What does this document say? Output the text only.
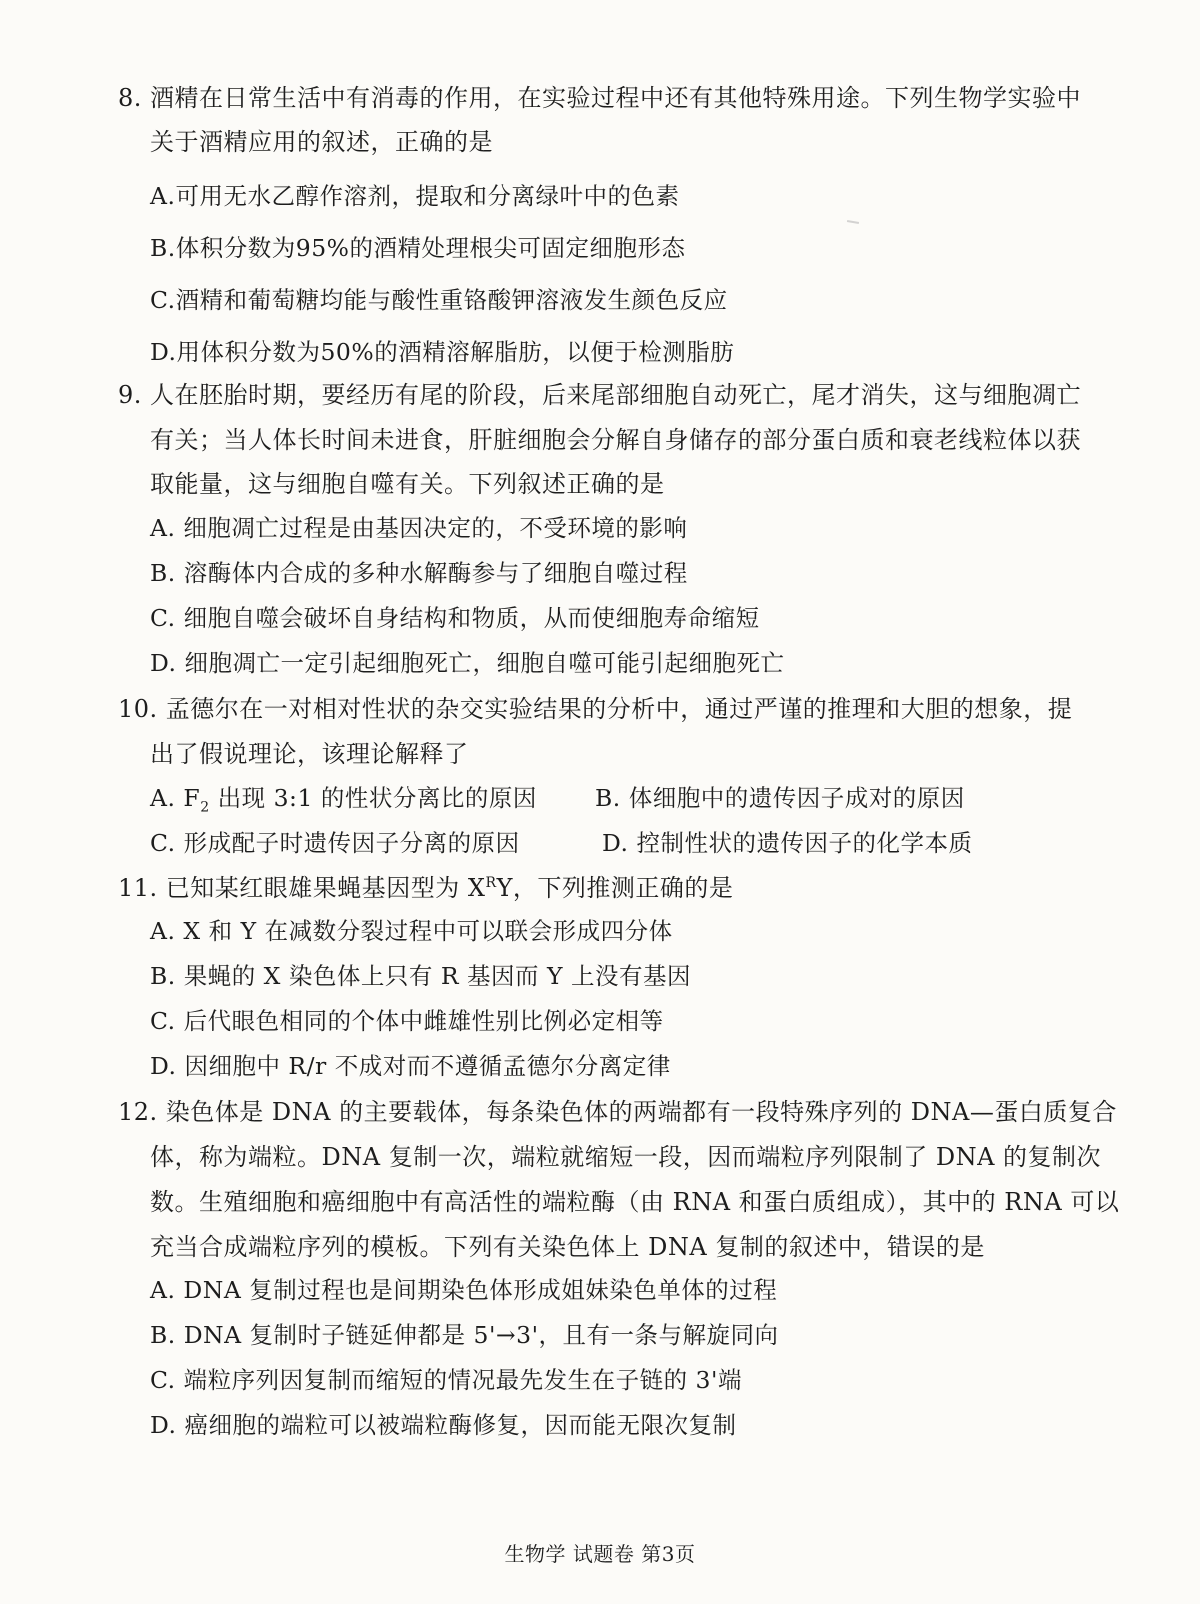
8. 酒精在日常生活中有消毒的作用，在实验过程中还有其他特殊用途。下列生物学实验中
关于酒精应用的叙述，正确的是
A.可用无水乙醇作溶剂，提取和分离绿叶中的色素
B.体积分数为95%的酒精处理根尖可固定细胞形态
C.酒精和葡萄糖均能与酸性重铬酸钾溶液发生颜色反应
D.用体积分数为50%的酒精溶解脂肪，以便于检测脂肪
9. 人在胚胎时期，要经历有尾的阶段，后来尾部细胞自动死亡，尾才消失，这与细胞凋亡
有关；当人体长时间未进食，肝脏细胞会分解自身储存的部分蛋白质和衰老线粒体以获
取能量，这与细胞自噬有关。下列叙述正确的是
A. 细胞凋亡过程是由基因决定的，不受环境的影响
B. 溶酶体内合成的多种水解酶参与了细胞自噬过程
C. 细胞自噬会破坏自身结构和物质，从而使细胞寿命缩短
D. 细胞凋亡一定引起细胞死亡，细胞自噬可能引起细胞死亡
10. 孟德尔在一对相对性状的杂交实验结果的分析中，通过严谨的推理和大胆的想象，提
出了假说理论，该理论解释了
A. $F_2$ 出现 3:1 的性状分离比的原因 B. 体细胞中的遗传因子成对的原因
C. 形成配子时遗传因子分离的原因	D. 控制性状的遗传因子的化学本质
11. 已知某红眼雄果蝇基因型为 $X^RY$，下列推测正确的是
A. X 和 Y 在减数分裂过程中可以联会形成四分体
B. 果蝇的 X 染色体上只有 R 基因而 Y 上没有基因
C. 后代眼色相同的个体中雌雄性别比例必定相等
D. 因细胞中 R/r 不成对而不遵循孟德尔分离定律
12. 染色体是 DNA 的主要载体，每条染色体的两端都有一段特殊序列的 DNA—蛋白质复合
体，称为端粒。DNA 复制一次，端粒就缩短一段，因而端粒序列限制了 DNA 的复制次
数。生殖细胞和癌细胞中有高活性的端粒酶（由 RNA 和蛋白质组成），其中的 RNA 可以
充当合成端粒序列的模板。下列有关染色体上 DNA 复制的叙述中，错误的是
A. DNA 复制过程也是间期染色体形成姐妹染色单体的过程
B. DNA 复制时子链延伸都是 5'→3'，且有一条与解旋同向
C. 端粒序列因复制而缩短的情况最先发生在子链的 3'端
D. 癌细胞的端粒可以被端粒酶修复，因而能无限次复制
生物学 试题卷 第3页
